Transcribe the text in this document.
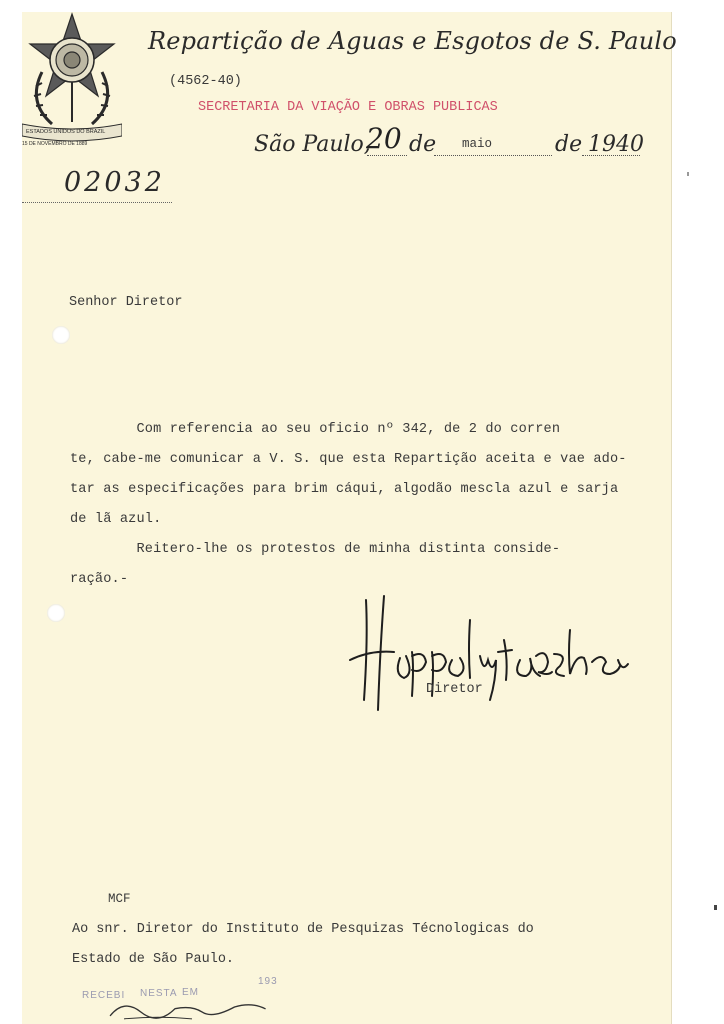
ESTADOS UNIDOS DO BRAZIL
15 DE NOVEMBRO DE 1889
Repartição de Aguas e Esgotos de S. Paulo
(4562-40)
SECRETARIA DA VIAÇÃO E OBRAS PUBLICAS
São Paulo,
20 de maio	de 1940
02032
Senhor Diretor
Com referencia ao seu oficio nº 342, de 2 do corren
te, cabe-me comunicar a V. S. que esta Repartição aceita e vae ado-
tar as especificações para brim cáqui, algodão mescla azul e sarja
de lã azul.
Reitero-lhe os protestos de minha distinta conside-
ração.-
Diretor
MCF
Ao snr. Diretor do Instituto de Pesquizas Técnologicas do
Estado de São Paulo.
RECEBI NESTA EM
193
